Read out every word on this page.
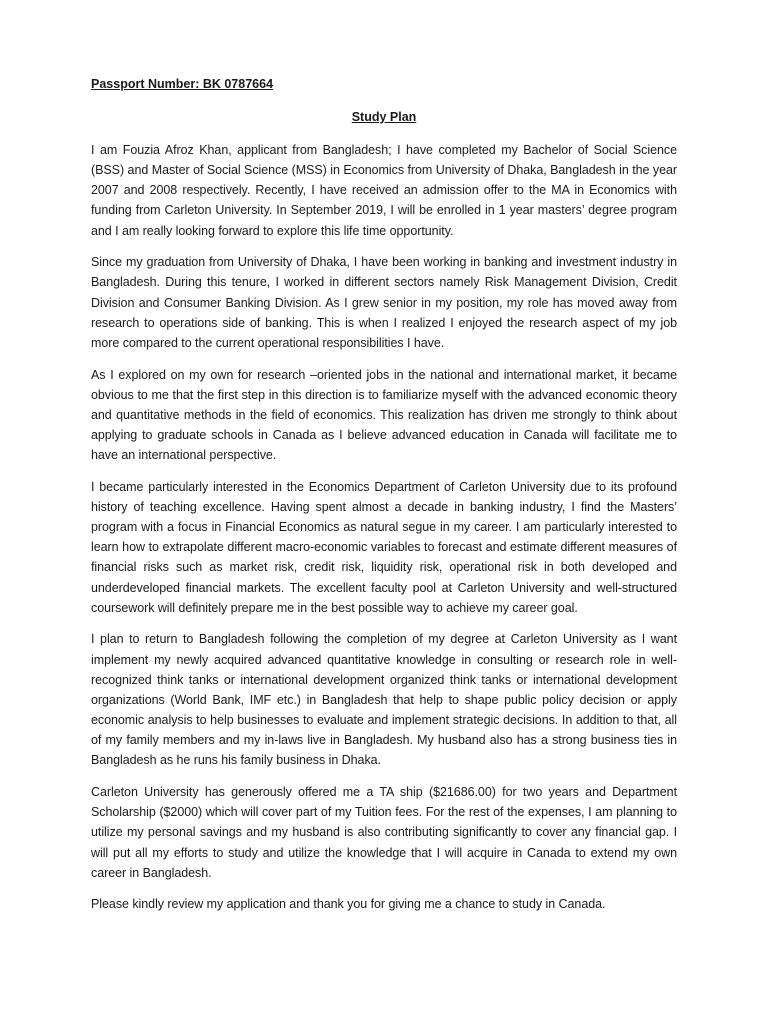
Passport Number: BK 0787664

Study Plan

I am Fouzia Afroz Khan, applicant from Bangladesh; I have completed my Bachelor of Social Science (BSS) and Master of Social Science (MSS) in Economics from University of Dhaka, Bangladesh in the year 2007 and 2008 respectively. Recently, I have received an admission offer to the MA in Economics with funding from Carleton University. In September 2019, I will be enrolled in 1 year masters’ degree program and I am really looking forward to explore this life time opportunity.

Since my graduation from University of Dhaka, I have been working in banking and investment industry in Bangladesh. During this tenure, I worked in different sectors namely Risk Management Division, Credit Division and Consumer Banking Division. As I grew senior in my position, my role has moved away from research to operations side of banking. This is when I realized I enjoyed the research aspect of my job more compared to the current operational responsibilities I have.

As I explored on my own for research –oriented jobs in the national and international market, it became obvious to me that the first step in this direction is to familiarize myself with the advanced economic theory and quantitative methods in the field of economics. This realization has driven me strongly to think about applying to graduate schools in Canada as I believe advanced education in Canada will facilitate me to have an international perspective.

I became particularly interested in the Economics Department of Carleton University due to its profound history of teaching excellence. Having spent almost a decade in banking industry, I find the Masters’ program with a focus in Financial Economics as natural segue in my career. I am particularly interested to learn how to extrapolate different macro-economic variables to forecast and estimate different measures of financial risks such as market risk, credit risk, liquidity risk, operational risk in both developed and underdeveloped financial markets. The excellent faculty pool at Carleton University and well-structured coursework will definitely prepare me in the best possible way to achieve my career goal.

I plan to return to Bangladesh following the completion of my degree at Carleton University as I want implement my newly acquired advanced quantitative knowledge in consulting or research role in well-recognized think tanks or international development organized think tanks or international development organizations (World Bank, IMF etc.) in Bangladesh that help to shape public policy decision or apply economic analysis to help businesses to evaluate and implement strategic decisions. In addition to that, all of my family members and my in-laws live in Bangladesh. My husband also has a strong business ties in Bangladesh as he runs his family business in Dhaka.

Carleton University has generously offered me a TA ship ($21686.00) for two years and Department Scholarship ($2000) which will cover part of my Tuition fees. For the rest of the expenses, I am planning to utilize my personal savings and my husband is also contributing significantly to cover any financial gap. I will put all my efforts to study and utilize the knowledge that I will acquire in Canada to extend my own career in Bangladesh.

Please kindly review my application and thank you for giving me a chance to study in Canada.
